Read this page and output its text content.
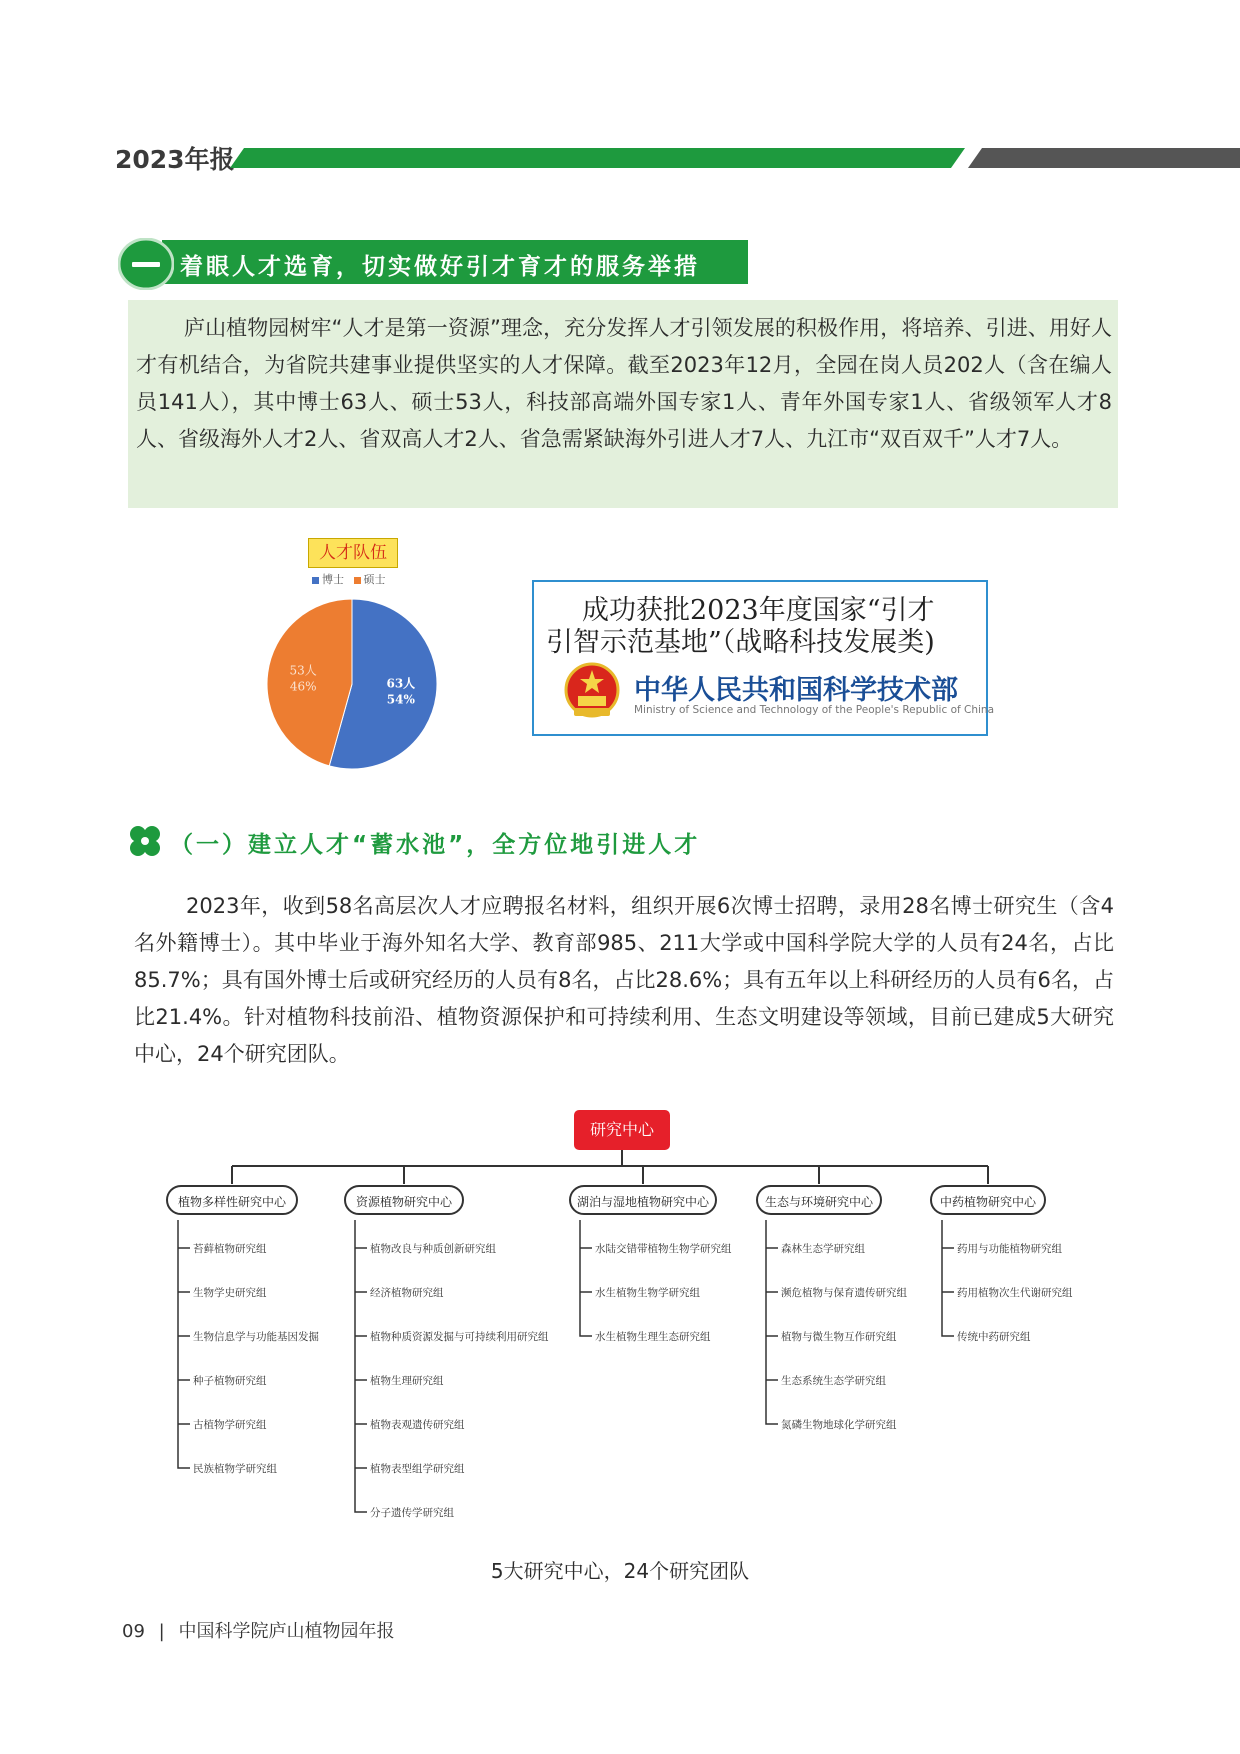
2023年报
着眼人才选育，切实做好引才育才的服务举措
庐山植物园树牢“人才是第一资源”理念，充分发挥人才引领发展的积极作用，将培养、引进、用好人才有机结合，为省院共建事业提供坚实的人才保障。截至2023年12月，全园在岗人员202人（含在编人员141人），其中博士63人、硕士53人，科技部高端外国专家1人、青年外国专家1人、省级领军人才8人、省级海外人才2人、省双高人才2人、省急需紧缺海外引进人才7人、九江市“双百双千”人才7人。
人才队伍
博士 硕士
63人
54%
53人
46%
成功获批2023年度国家“引才
引智示范基地”（战略科技发展类)
中华人民共和国科学技术部
Ministry of Science and Technology of the People's Republic of China
（一）建立人才“蓄水池”，全方位地引进人才
2023年，收到58名高层次人才应聘报名材料，组织开展6次博士招聘，录用28名博士研究生（含4名外籍博士）。其中毕业于海外知名大学、教育部985、211大学或中国科学院大学的人员有24名，占比85.7%；具有国外博士后或研究经历的人员有8名，占比28.6%；具有五年以上科研经历的人员有6名，占比21.4%。针对植物科技前沿、植物资源保护和可持续利用、生态文明建设等领域，目前已建成5大研究中心，24个研究团队。
研究中心
植物多样性研究中心	资源植物研究中心	湖泊与湿地植物研究中心	生态与环境研究中心	中药植物研究中心
苔藓植物研究组
生物学史研究组
生物信息学与功能基因发掘
种子植物研究组
古植物学研究组
民族植物学研究组
植物改良与种质创新研究组
经济植物研究组
植物种质资源发掘与可持续利用研究组
植物生理研究组
植物表观遗传研究组
植物表型组学研究组
分子遗传学研究组
水陆交错带植物生物学研究组
水生植物生物学研究组
水生植物生理生态研究组
森林生态学研究组
濒危植物与保育遗传研究组
植物与微生物互作研究组
生态系统生态学研究组
氮磷生物地球化学研究组
药用与功能植物研究组
药用植物次生代谢研究组
传统中药研究组
5大研究中心，24个研究团队
09 | 中国科学院庐山植物园年报
